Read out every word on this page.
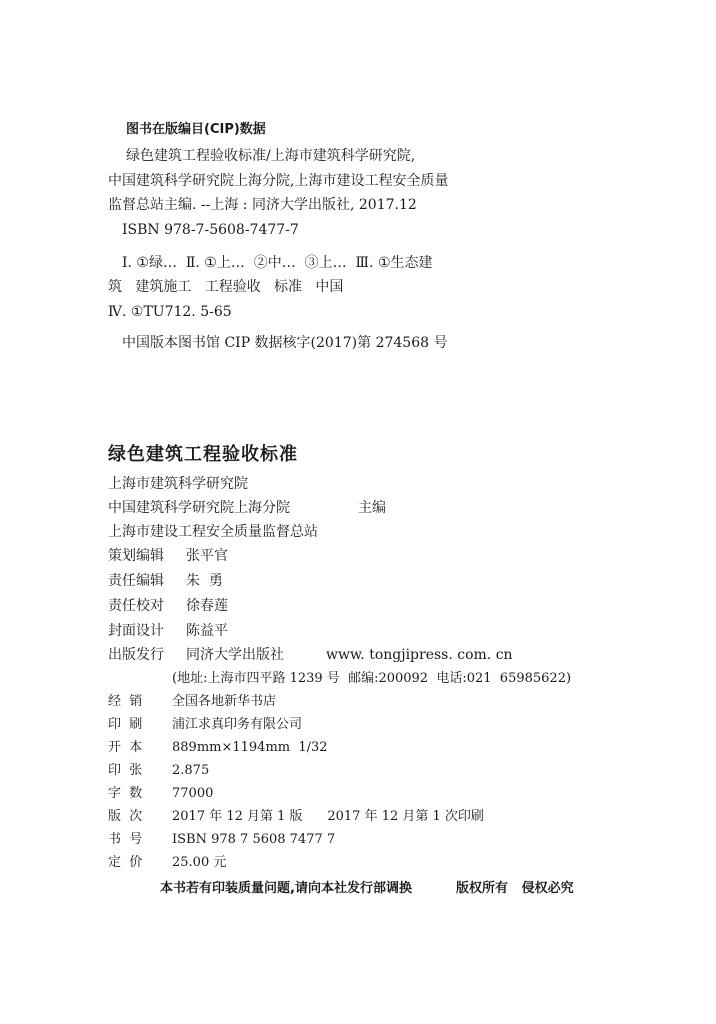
图书在版编目(CIP)数据
绿色建筑工程验收标准/上海市建筑科学研究院,
中国建筑科学研究院上海分院,上海市建设工程安全质量
监督总站主编. --上海 : 同济大学出版社, 2017.12
ISBN 978-7-5608-7477-7
Ⅰ. ①绿…  Ⅱ. ①上…  ②中…  ③上…  Ⅲ. ①生态建
筑   建筑施工   工程验收   标准   中国
Ⅳ. ①TU712. 5-65
中国版本图书馆 CIP 数据核字(2017)第 274568 号
绿色建筑工程验收标准
上海市建筑科学研究院
中国建筑科学研究院上海分院	主编
上海市建设工程安全质量监督总站
策划编辑 张平官
责任编辑 朱  勇
责任校对 徐春莲
封面设计 陈益平
出版发行 同济大学出版社	www. tongjipress. com. cn
(地址:上海市四平路 1239 号  邮编:200092  电话:021  65985622)
经  销 全国各地新华书店
印  刷 浦江求真印务有限公司
开  本 889mm×1194mm  1/32
印  张 2.875
字  数 77000
版  次 2017 年 12 月第 1 版      2017 年 12 月第 1 次印刷
书  号 ISBN 978 7 5608 7477 7
定  价 25.00 元
本书若有印装质量问题,请向本社发行部调换	版权所有   侵权必究
